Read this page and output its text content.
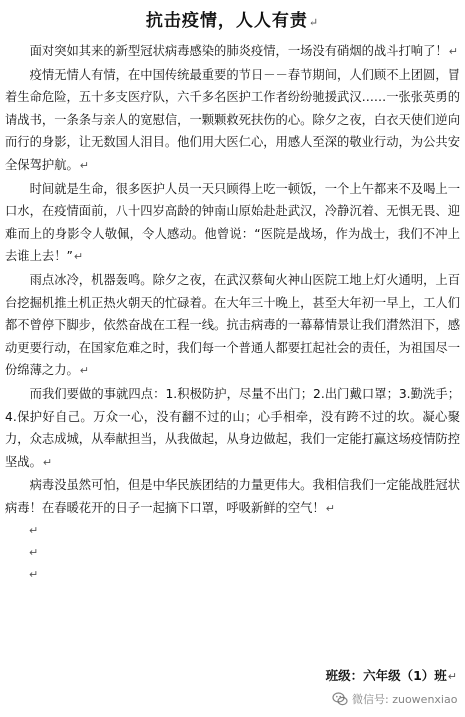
抗击疫情，人人有责↵

面对突如其来的新型冠状病毒感染的肺炎疫情，一场没有硝烟的战斗打响了！↵

疫情无情人有情，在中国传统最重要的节日－－春节期间，人们顾不上团圆，冒着生命危险，五十多支医疗队，六千多名医护工作者纷纷驰援武汉……一张张英勇的请战书，一条条与亲人的宽慰信，一颗颗救死扶伤的心。除夕之夜，白衣天使们逆向而行的身影，让无数国人泪目。他们用大医仁心，用感人至深的敬业行动，为公共安全保驾护航。↵

时间就是生命，很多医护人员一天只顾得上吃一顿饭，一个上午都来不及喝上一口水，在疫情面前，八十四岁高龄的钟南山原始赴赴武汉，冷静沉着、无惧无畏、迎难而上的身影令人敬佩，令人感动。他曾说：“医院是战场，作为战士，我们不冲上去谁上去！”↵

雨点冰冷，机器轰鸣。除夕之夜，在武汉蔡甸火神山医院工地上灯火通明，上百台挖掘机推土机正热火朝天的忙碌着。在大年三十晚上，甚至大年初一早上，工人们都不曾停下脚步，依然奋战在工程一线。抗击病毒的一幕幕情景让我们潸然泪下，感动更要行动，在国家危难之时，我们每一个普通人都要扛起社会的责任，为祖国尽一份绵薄之力。↵

而我们要做的事就四点：1.积极防护，尽量不出门；2.出门戴口罩；3.勤洗手；4.保护好自己。万众一心，没有翻不过的山；心手相牵，没有跨不过的坎。凝心聚力，众志成城，从奉献担当，从我做起，从身边做起，我们一定能打赢这场疫情防控坚战。↵

病毒没虽然可怕，但是中华民族团结的力量更伟大。我相信我们一定能战胜冠状病毒！在春暖花开的日子一起摘下口罩，呼吸新鲜的空气！↵

↵
↵
↵
班级：六年级（1）班↵
微信号: zuowenxiao
